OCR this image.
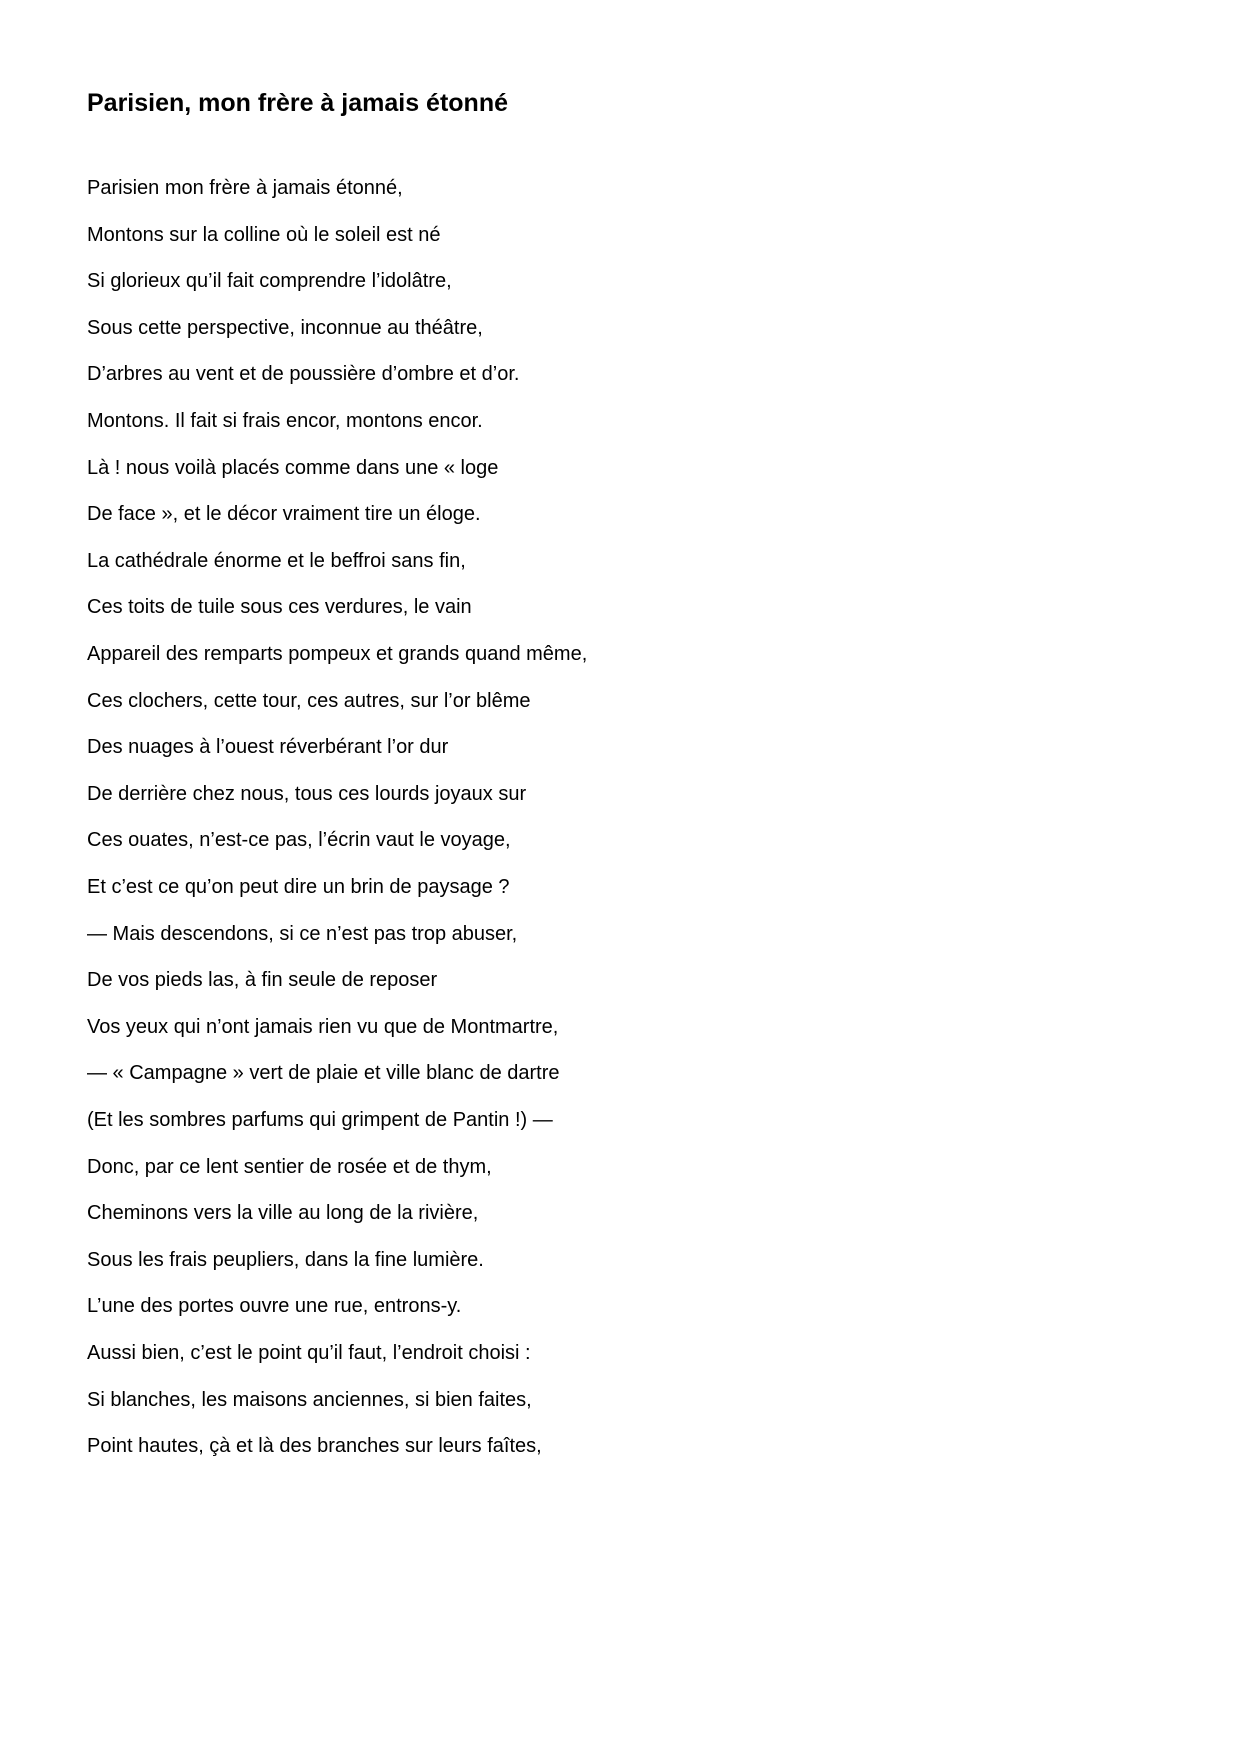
Parisien, mon frère à jamais étonné
Parisien mon frère à jamais étonné,
Montons sur la colline où le soleil est né
Si glorieux qu’il fait comprendre l’idolâtre,
Sous cette perspective, inconnue au théâtre,
D’arbres au vent et de poussière d’ombre et d’or.
Montons. Il fait si frais encor, montons encor.
Là ! nous voilà placés comme dans une « loge
De face », et le décor vraiment tire un éloge.
La cathédrale énorme et le beffroi sans fin,
Ces toits de tuile sous ces verdures, le vain
Appareil des remparts pompeux et grands quand même,
Ces clochers, cette tour, ces autres, sur l’or blême
Des nuages à l’ouest réverbérant l’or dur
De derrière chez nous, tous ces lourds joyaux sur
Ces ouates, n’est-ce pas, l’écrin vaut le voyage,
Et c’est ce qu’on peut dire un brin de paysage ?
— Mais descendons, si ce n’est pas trop abuser,
De vos pieds las, à fin seule de reposer
Vos yeux qui n’ont jamais rien vu que de Montmartre,
— « Campagne » vert de plaie et ville blanc de dartre
(Et les sombres parfums qui grimpent de Pantin !) —
Donc, par ce lent sentier de rosée et de thym,
Cheminons vers la ville au long de la rivière,
Sous les frais peupliers, dans la fine lumière.
L’une des portes ouvre une rue, entrons-y.
Aussi bien, c’est le point qu’il faut, l’endroit choisi :
Si blanches, les maisons anciennes, si bien faites,
Point hautes, çà et là des branches sur leurs faîtes,
